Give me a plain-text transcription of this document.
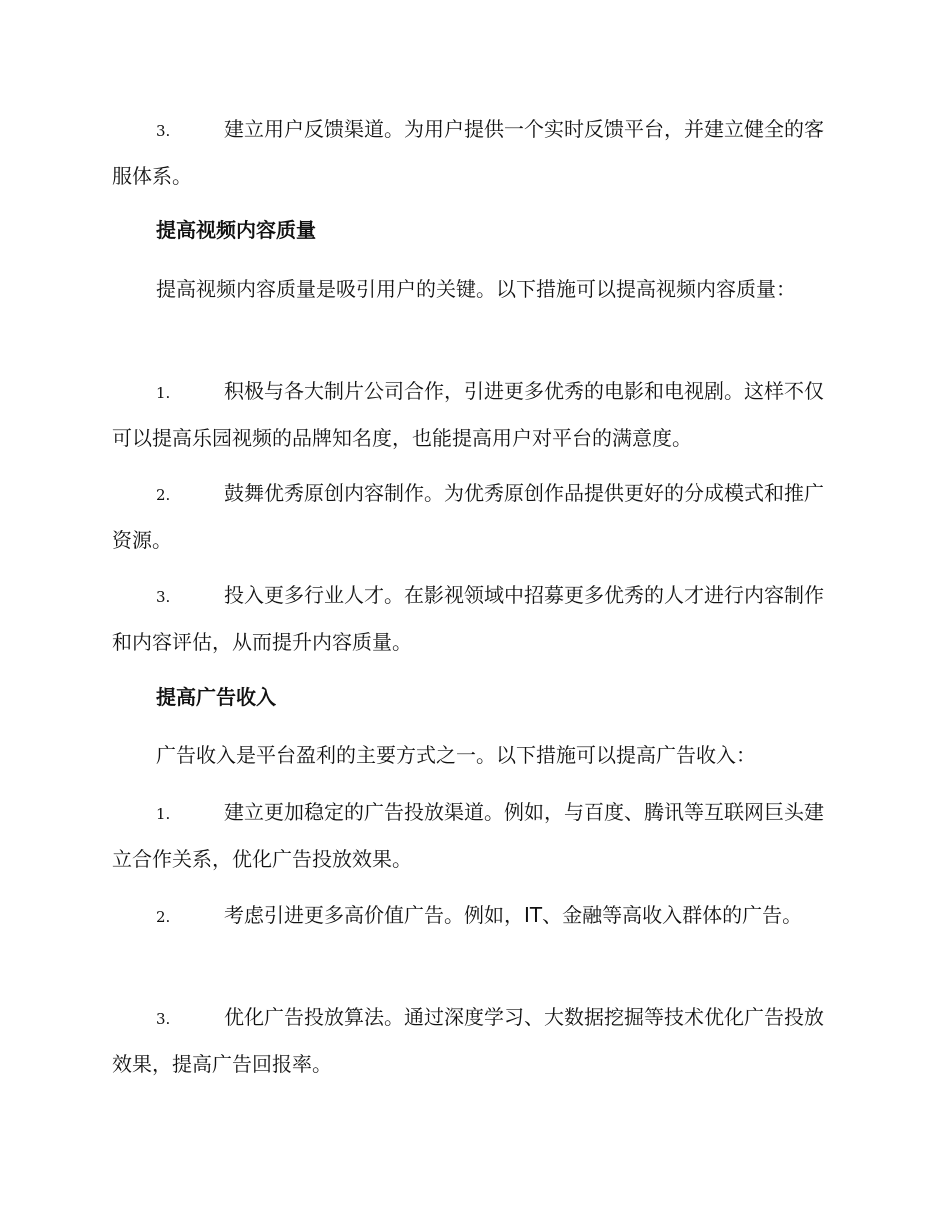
3.	建立用户反馈渠道。为用户提供一个实时反馈平台，并建立健全的客服体系。

提高视频内容质量

提高视频内容质量是吸引用户的关键。以下措施可以提高视频内容质量：

1.	积极与各大制片公司合作，引进更多优秀的电影和电视剧。这样不仅可以提高乐园视频的品牌知名度，也能提高用户对平台的满意度。

2.	鼓舞优秀原创内容制作。为优秀原创作品提供更好的分成模式和推广资源。

3.	投入更多行业人才。在影视领域中招募更多优秀的人才进行内容制作和内容评估，从而提升内容质量。

提高广告收入

广告收入是平台盈利的主要方式之一。以下措施可以提高广告收入：

1.	建立更加稳定的广告投放渠道。例如，与百度、腾讯等互联网巨头建立合作关系，优化广告投放效果。

2.	考虑引进更多高价值广告。例如，IT、金融等高收入群体的广告。

3.	优化广告投放算法。通过深度学习、大数据挖掘等技术优化广告投放效果，提高广告回报率。
